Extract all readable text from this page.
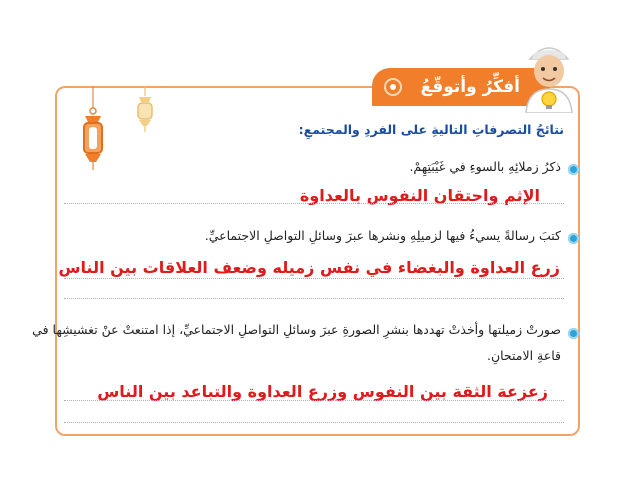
أفكِّرُ وأتوقّعُ
نتائجُ التصرفاتِ التاليةِ على الفردِ والمجتمعِ:
ذكرُ زملائِهِ بالسوءِ في غَيْبَتِهِمْ.
الإثم واحتقان النفوس بالعداوة
كتبَ رسالةً يسيءُ فيها لزميلِهِ ونشرها عبرَ وسائلِ التواصلِ الاجتماعيِّ.
زرع العداوة والبغضاء في نفس زميله وضعف العلاقات بين الناس
صورتْ زميلتها وأخذتْ تهددها بنشرِ الصورةِ عبرَ وسائلِ التواصلِ الاجتماعيِّ، إذا امتنعتْ عنْ تغشيشِها في
قاعةِ الامتحانِ.
زعزعة الثقة بين النفوس وزرع العداوة والتباعد بين الناس
